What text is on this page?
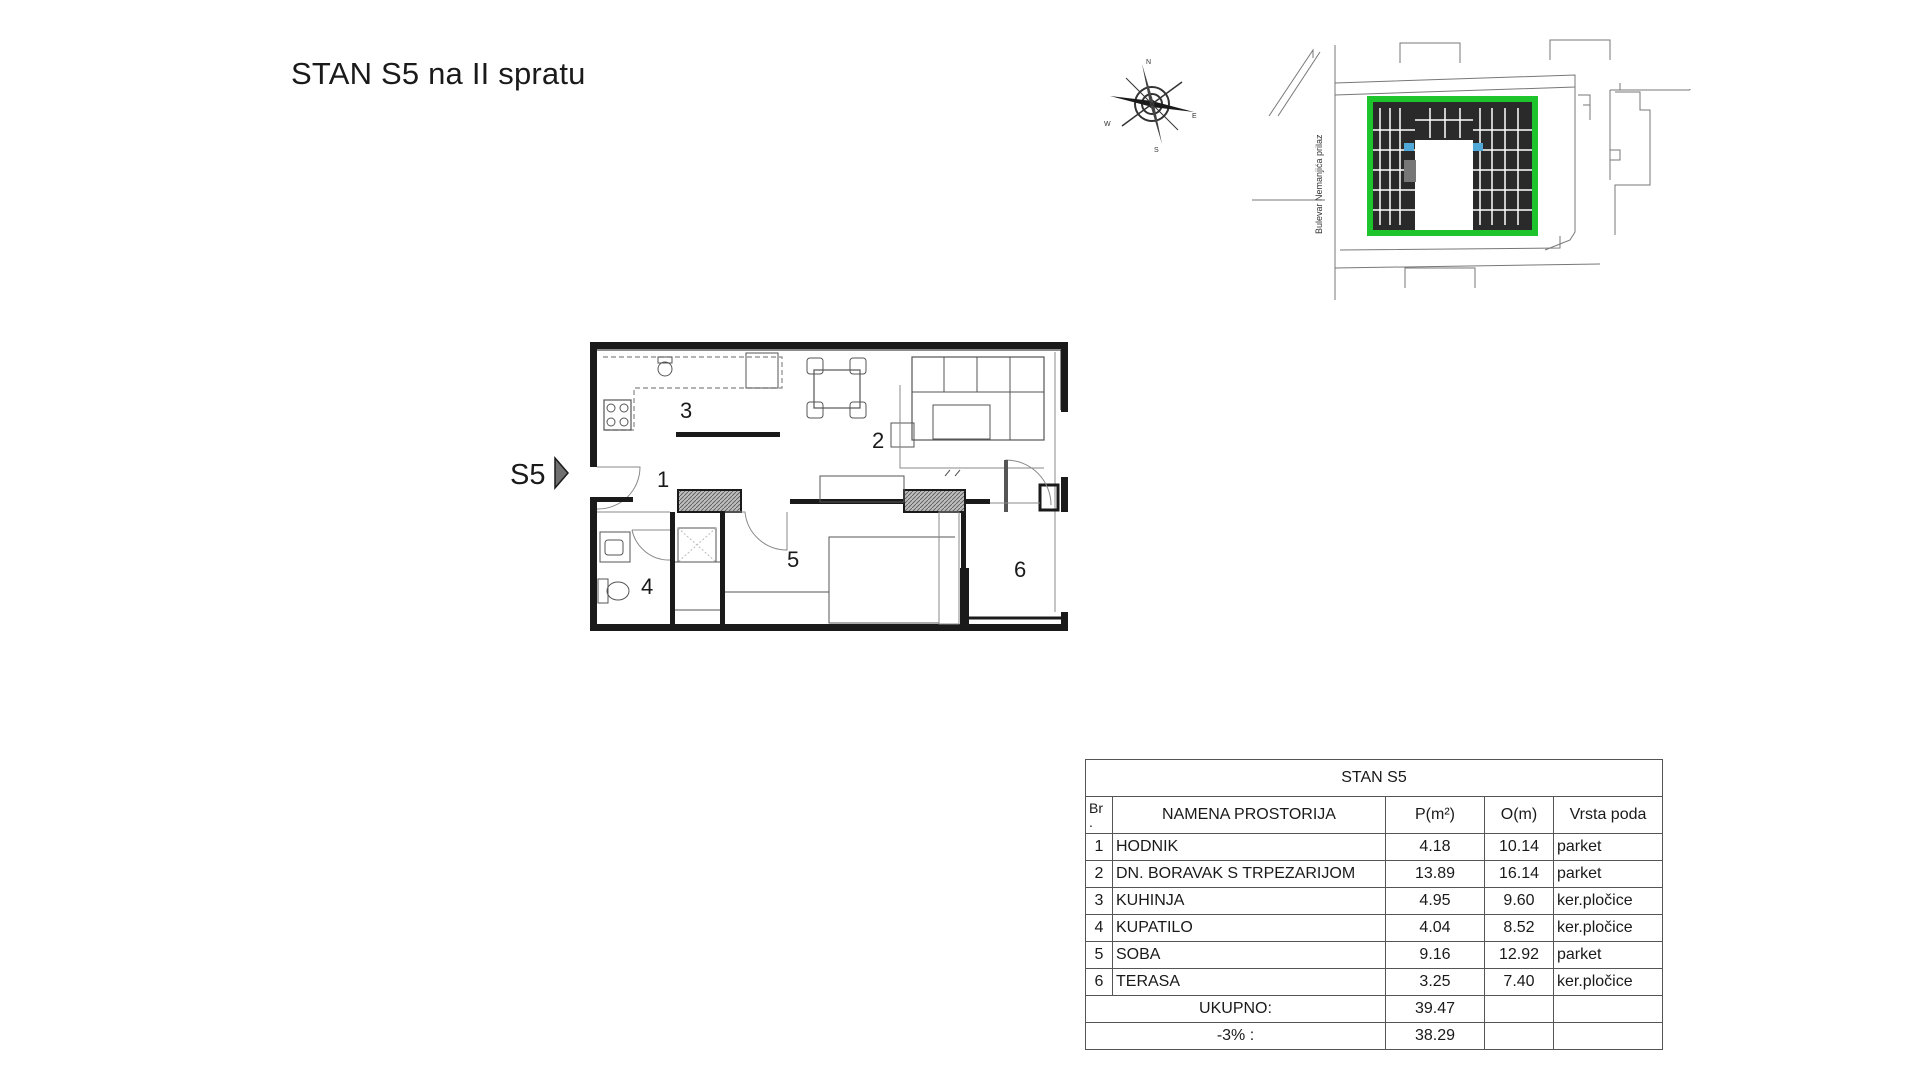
STAN S5 na II spratu	N
E
W
S	Bulevar Nemanjića prilaz
S5
3
2
1
5	6
4
STAN S5				

Br
.	NAMENA PROSTORIJA	P(m²)	O(m)	Vrsta poda
1	HODNIK	4.18	10.14	parket
2	DN. BORAVAK S TRPEZARIJOM	13.89	16.14	parket
3	KUHINJA	4.95	9.60	ker.pločice
4	KUPATILO	4.04	8.52	ker.pločice
5	SOBA	9.16	12.92	parket
6	TERASA	3.25	7.40	ker.pločice
UKUPNO:		39.47		
-3% :		38.29		
